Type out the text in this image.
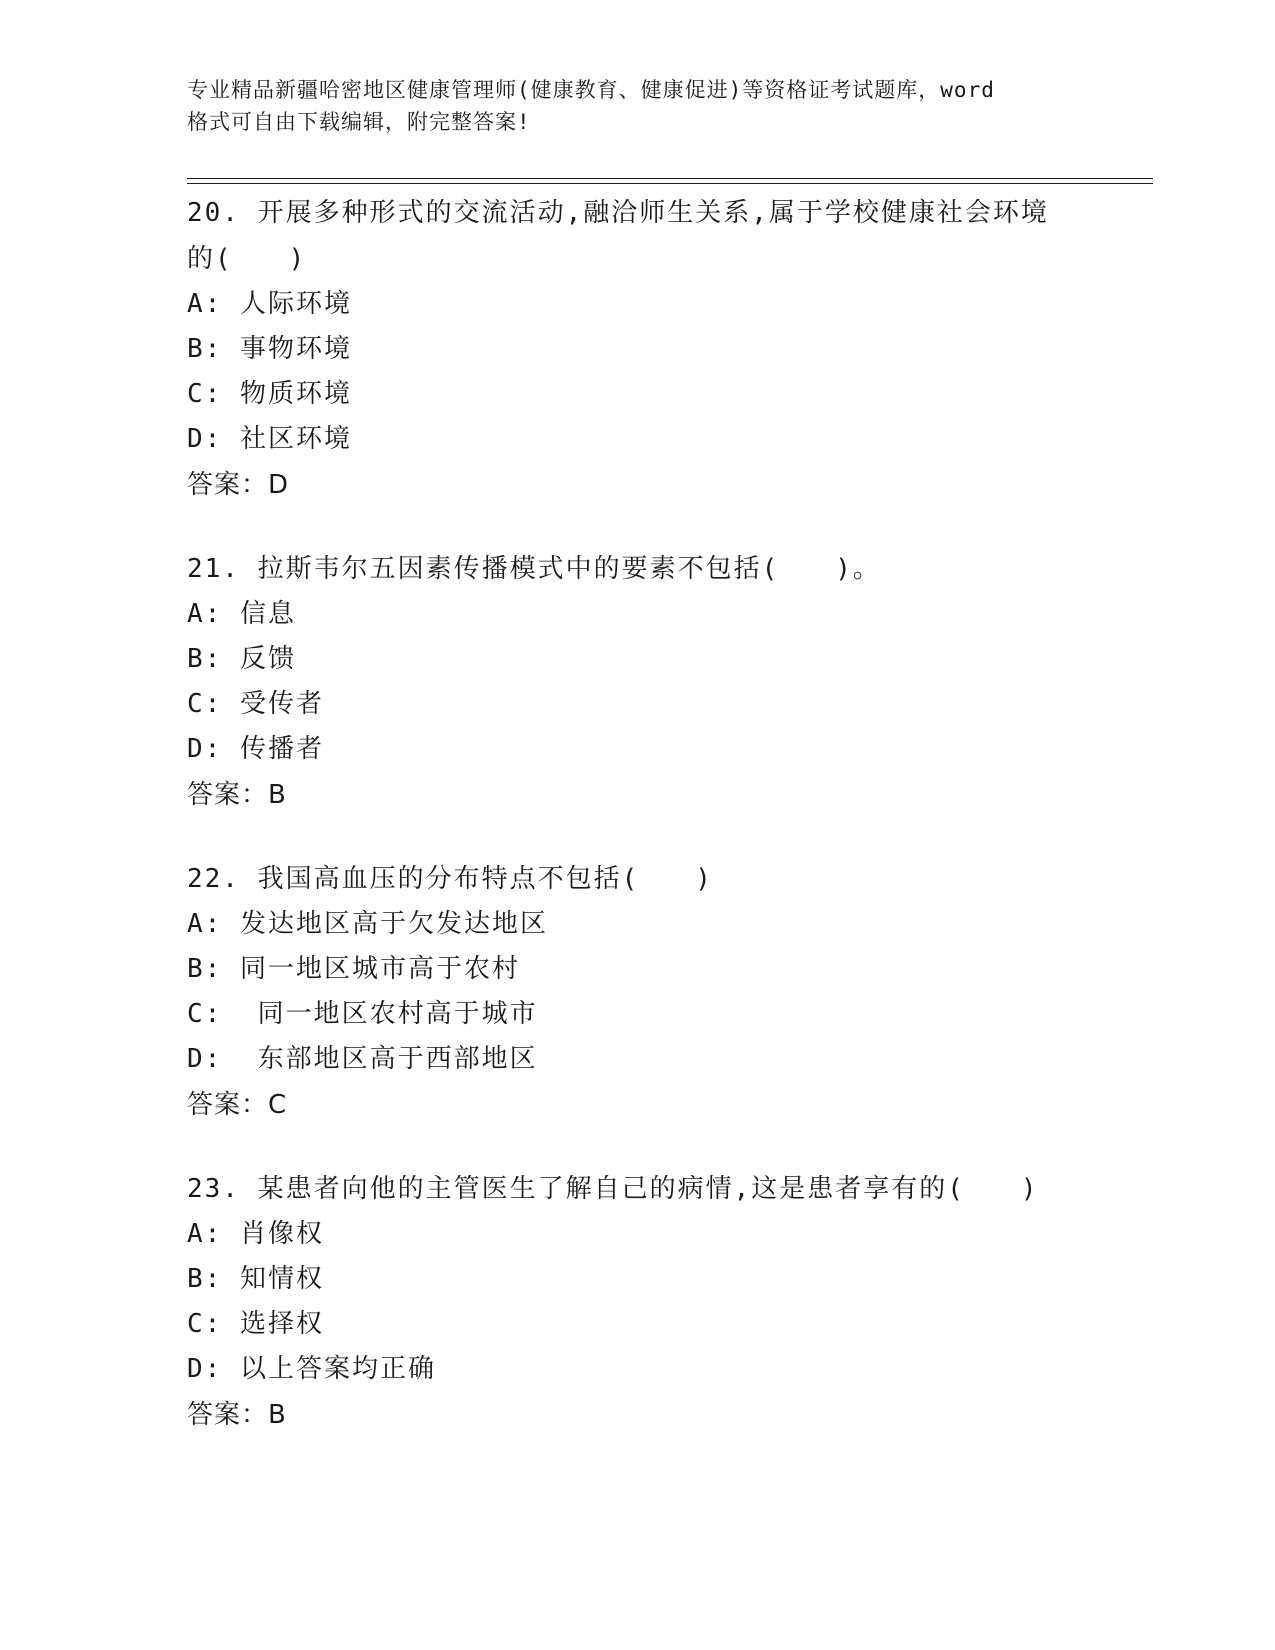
专业精品新疆哈密地区健康管理师(健康教育、健康促进)等资格证考试题库，word
格式可自由下载编辑，附完整答案!

20. 开展多种形式的交流活动,融洽师生关系,属于学校健康社会环境

的(　　)

A: 人际环境

B: 事物环境

C: 物质环境

D: 社区环境

答案：D

21. 拉斯韦尔五因素传播模式中的要素不包括(　　)。

A: 信息

B: 反馈

C: 受传者

D: 传播者

答案：B

22. 我国高血压的分布特点不包括(　　)

A: 发达地区高于欠发达地区

B: 同一地区城市高于农村

C:  同一地区农村高于城市

D:  东部地区高于西部地区

答案：C

23. 某患者向他的主管医生了解自己的病情,这是患者享有的(　　)

A: 肖像权

B: 知情权

C: 选择权

D: 以上答案均正确

答案：B
